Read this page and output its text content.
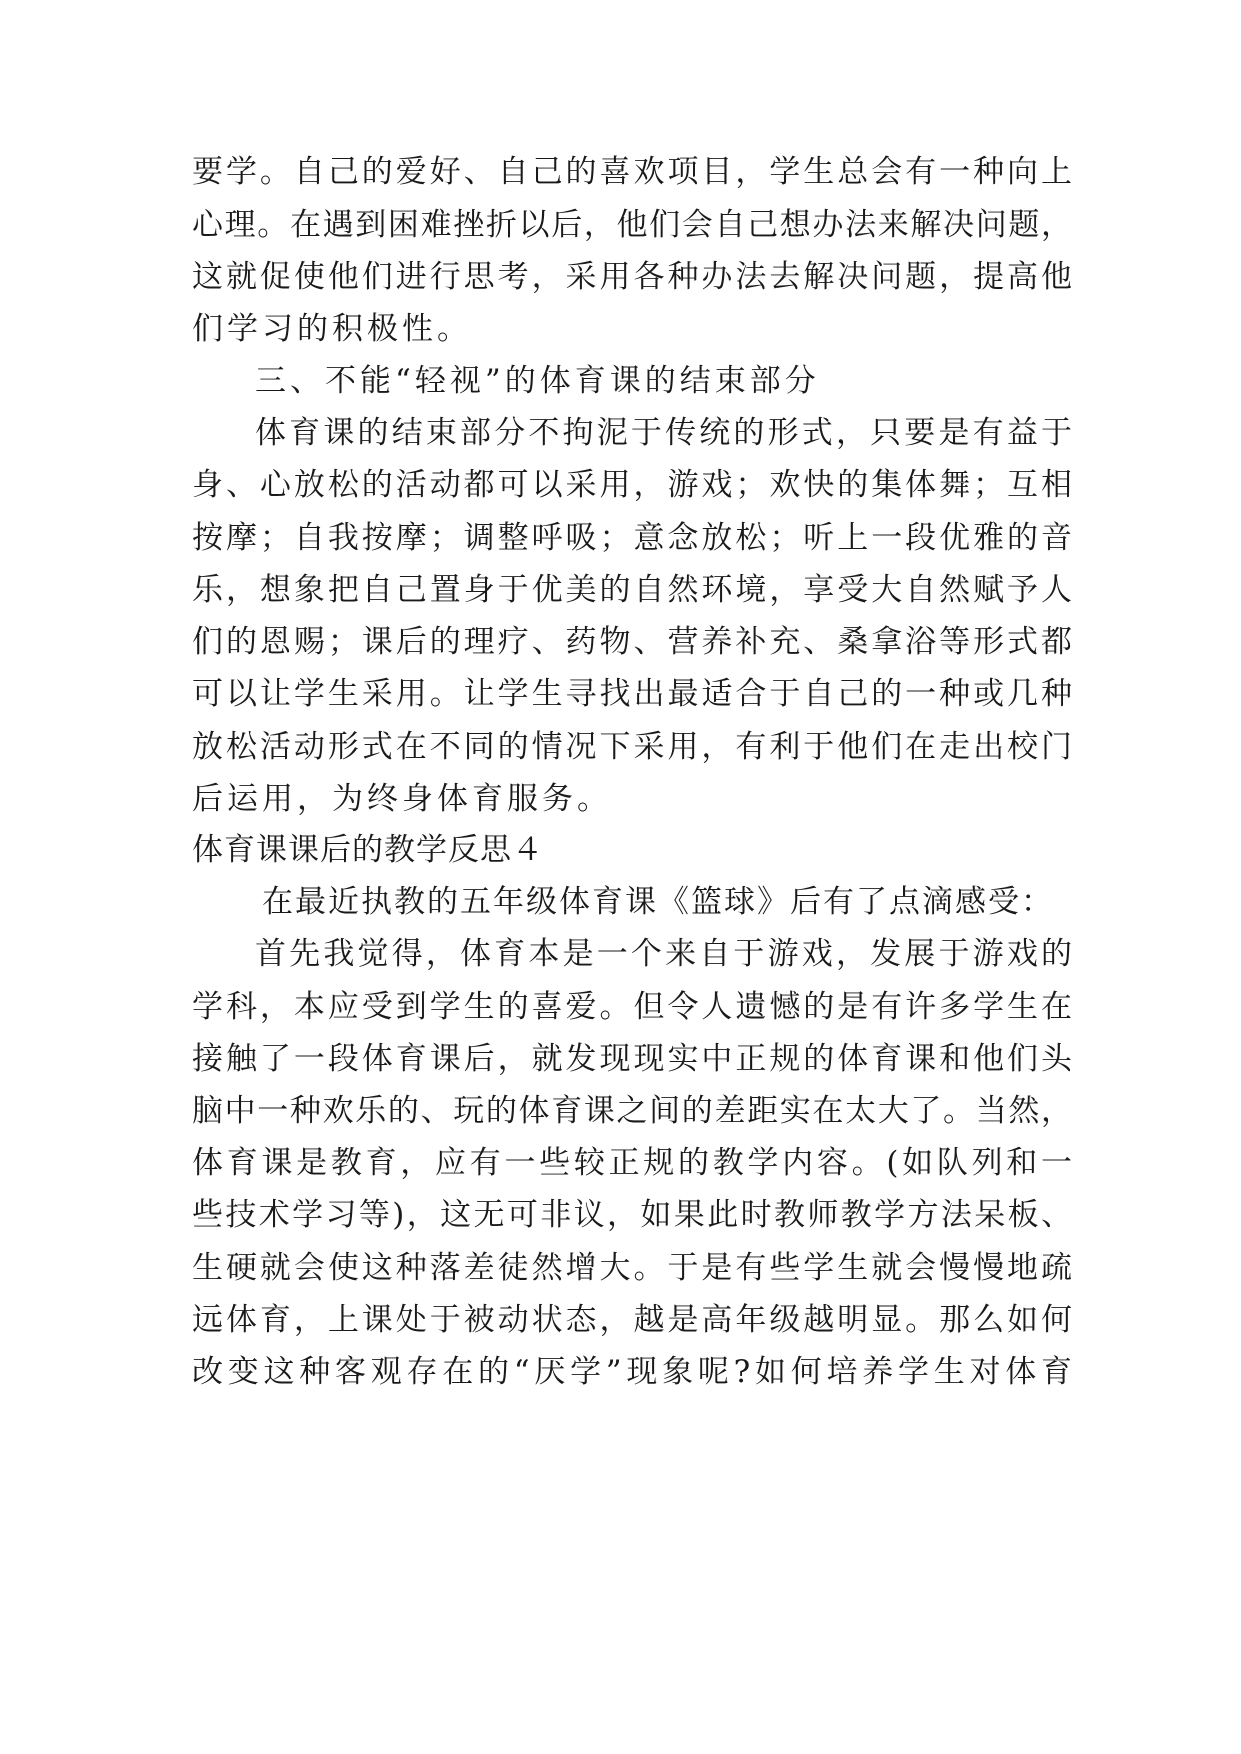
要学。自己的爱好、自己的喜欢项目，学生总会有一种向上
心理。在遇到困难挫折以后，他们会自己想办法来解决问题，
这就促使他们进行思考，采用各种办法去解决问题，提高他
们学习的积极性。
三、不能“轻视”的体育课的结束部分
体育课的结束部分不拘泥于传统的形式，只要是有益于
身、心放松的活动都可以采用，游戏；欢快的集体舞；互相
按摩；自我按摩；调整呼吸；意念放松；听上一段优雅的音
乐，想象把自己置身于优美的自然环境，享受大自然赋予人
们的恩赐；课后的理疗、药物、营养补充、桑拿浴等形式都
可以让学生采用。让学生寻找出最适合于自己的一种或几种
放松活动形式在不同的情况下采用，有利于他们在走出校门
后运用，为终身体育服务。
体育课课后的教学反思４
在最近执教的五年级体育课《篮球》后有了点滴感受：
首先我觉得，体育本是一个来自于游戏，发展于游戏的
学科，本应受到学生的喜爱。但令人遗憾的是有许多学生在
接触了一段体育课后，就发现现实中正规的体育课和他们头
脑中一种欢乐的、玩的体育课之间的差距实在太大了。当然，
体育课是教育，应有一些较正规的教学内容。(如队列和一
些技术学习等)，这无可非议，如果此时教师教学方法呆板、
生硬就会使这种落差徒然增大。于是有些学生就会慢慢地疏
远体育，上课处于被动状态，越是高年级越明显。那么如何
改变这种客观存在的“厌学”现象呢?如何培养学生对体育
